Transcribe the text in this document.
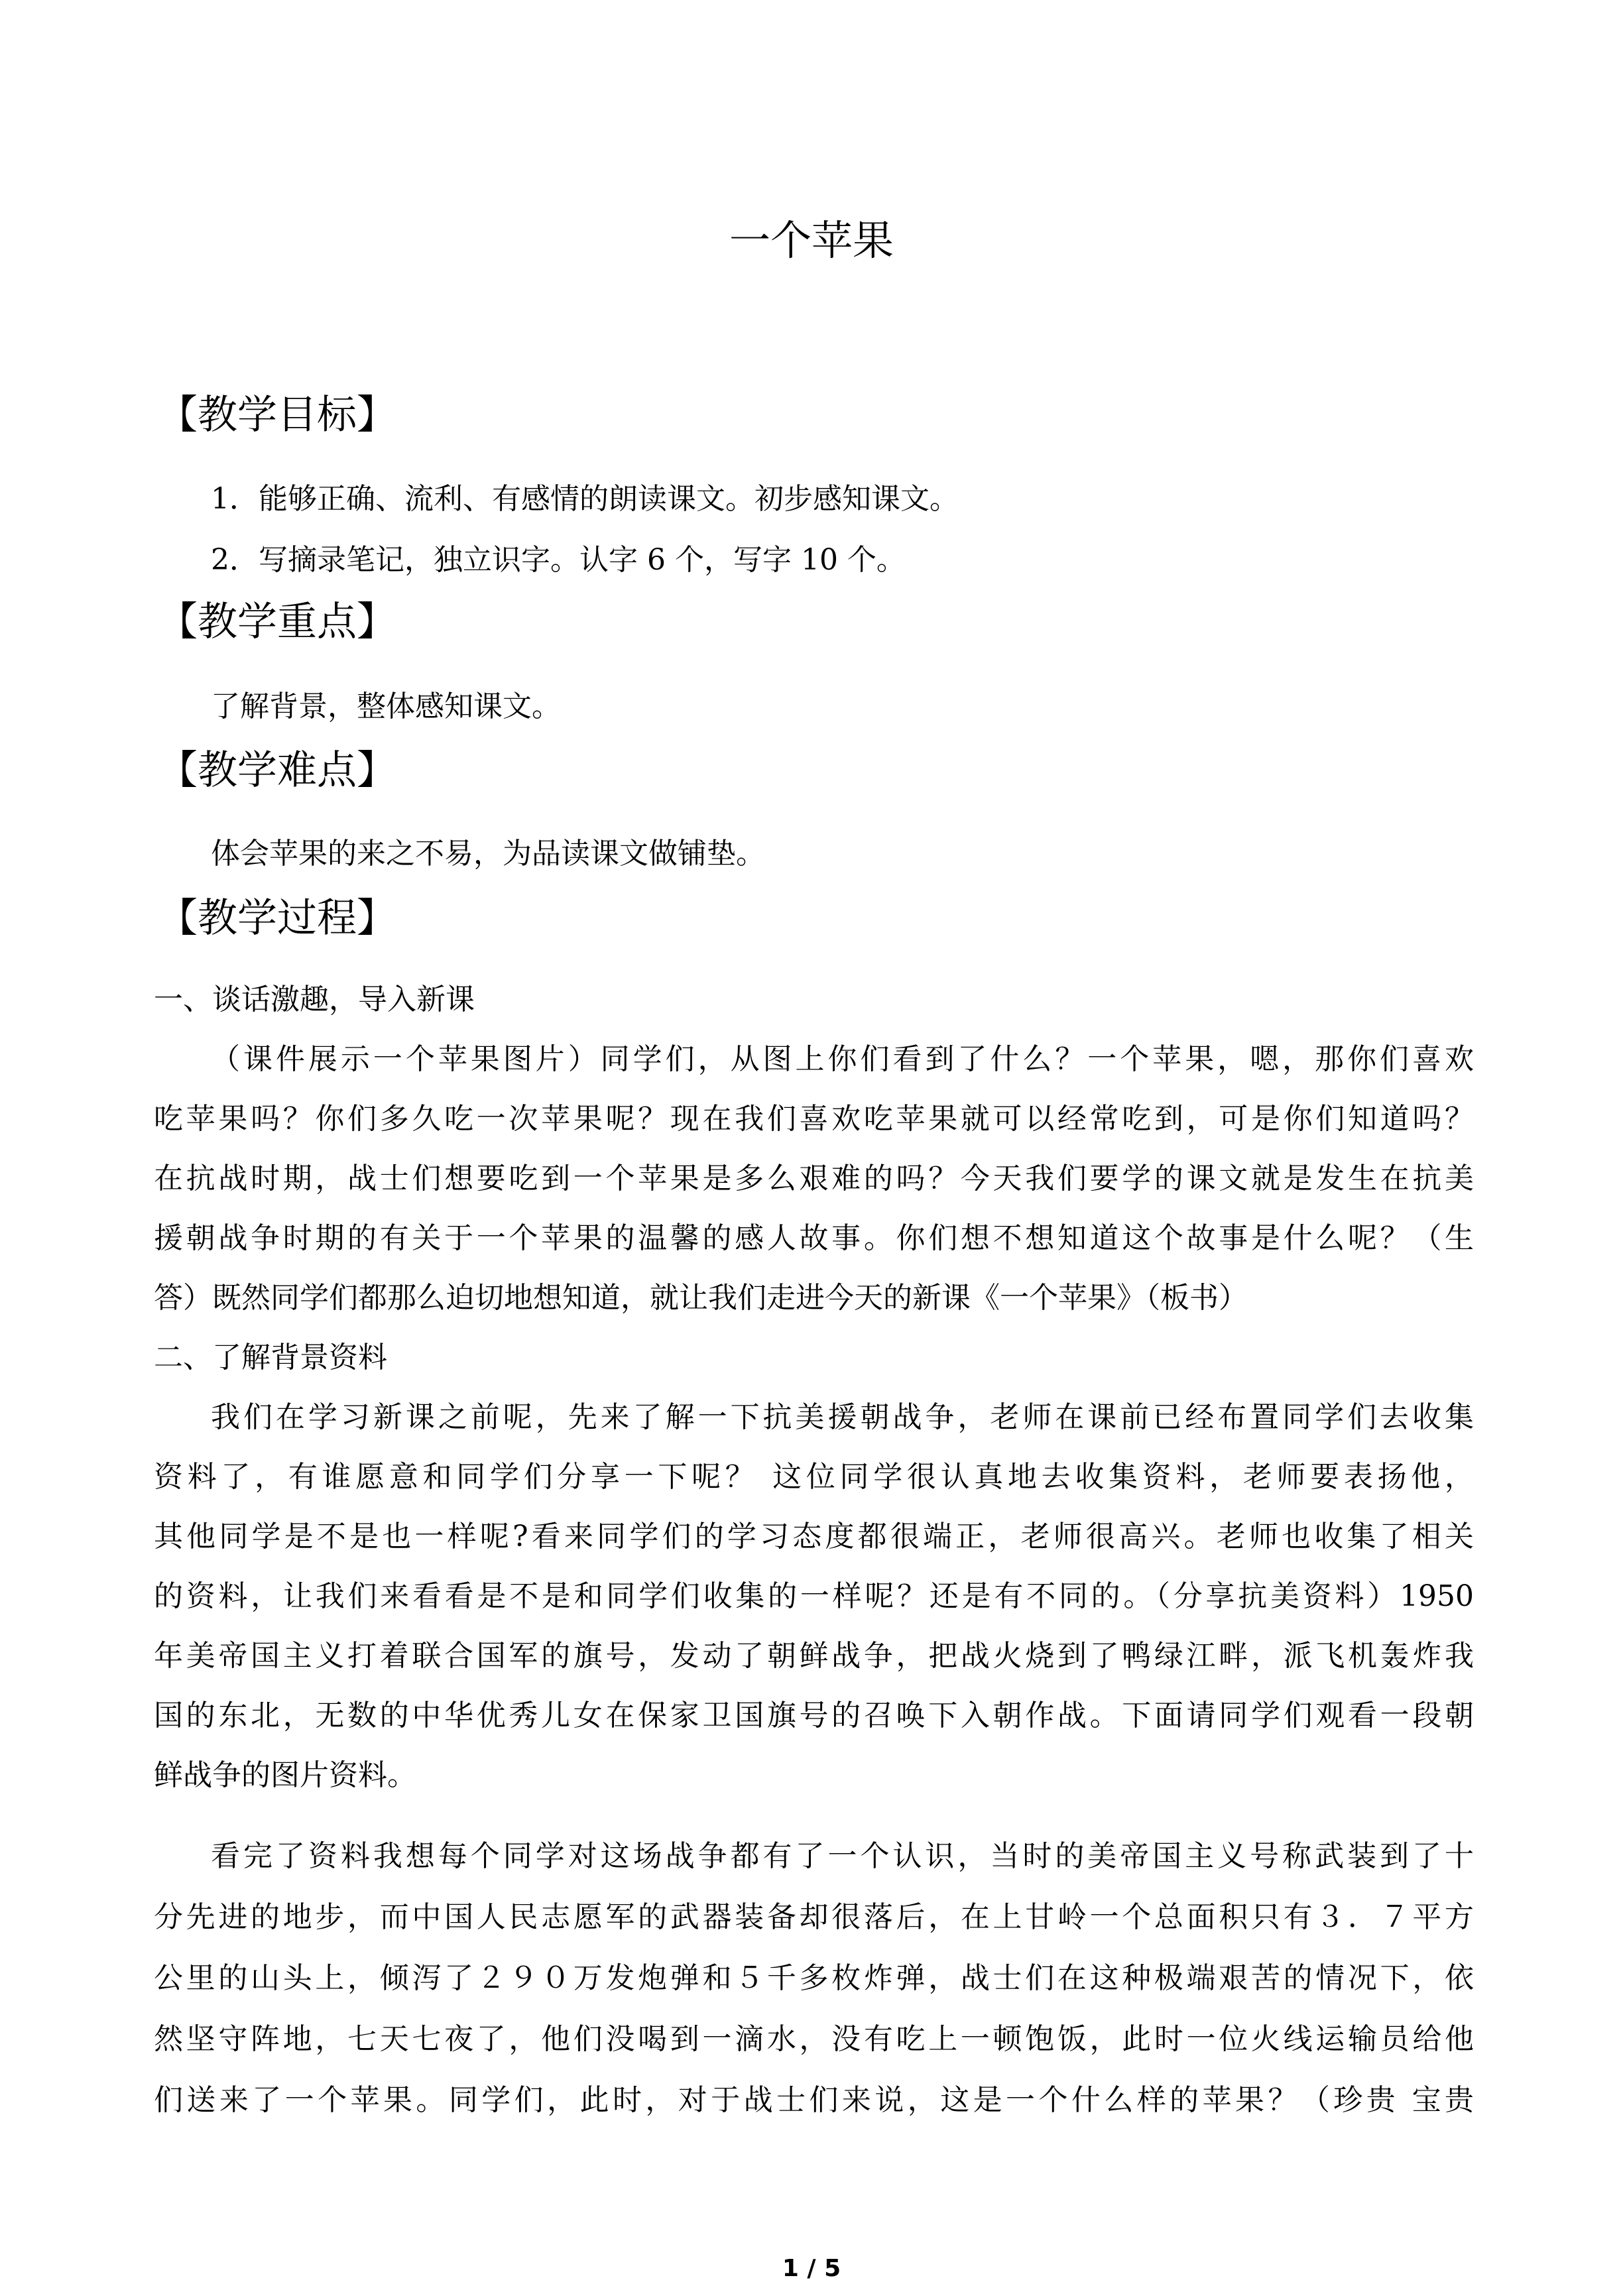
一个苹果
【教学目标】
1．能够正确、流利、有感情的朗读课文。初步感知课文。
2．写摘录笔记，独立识字。认字 6 个，写字 10 个。
【教学重点】
了解背景，整体感知课文。
【教学难点】
体会苹果的来之不易，为品读课文做铺垫。
【教学过程】
一、谈话激趣，导入新课
（课件展示一个苹果图片）同学们，从图上你们看到了什么？一个苹果，嗯，那你们喜欢
吃苹果吗？你们多久吃一次苹果呢？现在我们喜欢吃苹果就可以经常吃到，可是你们知道吗？
在抗战时期，战士们想要吃到一个苹果是多么艰难的吗？今天我们要学的课文就是发生在抗美
援朝战争时期的有关于一个苹果的温馨的感人故事。你们想不想知道这个故事是什么呢？（生
答）既然同学们都那么迫切地想知道，就让我们走进今天的新课《一个苹果》（板书）
二、了解背景资料
我们在学习新课之前呢，先来了解一下抗美援朝战争，老师在课前已经布置同学们去收集
资料了，有谁愿意和同学们分享一下呢？ 这位同学很认真地去收集资料，老师要表扬他，
其他同学是不是也一样呢?看来同学们的学习态度都很端正，老师很高兴。老师也收集了相关
的资料，让我们来看看是不是和同学们收集的一样呢？还是有不同的。（分享抗美资料）1950
年美帝国主义打着联合国军的旗号，发动了朝鲜战争，把战火烧到了鸭绿江畔，派飞机轰炸我
国的东北，无数的中华优秀儿女在保家卫国旗号的召唤下入朝作战。下面请同学们观看一段朝
鲜战争的图片资料。
看完了资料我想每个同学对这场战争都有了一个认识，当时的美帝国主义号称武装到了十
分先进的地步，而中国人民志愿军的武器装备却很落后，在上甘岭一个总面积只有３．７平方
公里的山头上，倾泻了２９０万发炮弹和５千多枚炸弹，战士们在这种极端艰苦的情况下，依
然坚守阵地，七天七夜了，他们没喝到一滴水，没有吃上一顿饱饭，此时一位火线运输员给他
们送来了一个苹果。同学们，此时，对于战士们来说，这是一个什么样的苹果？（珍贵 宝贵
1 / 5
